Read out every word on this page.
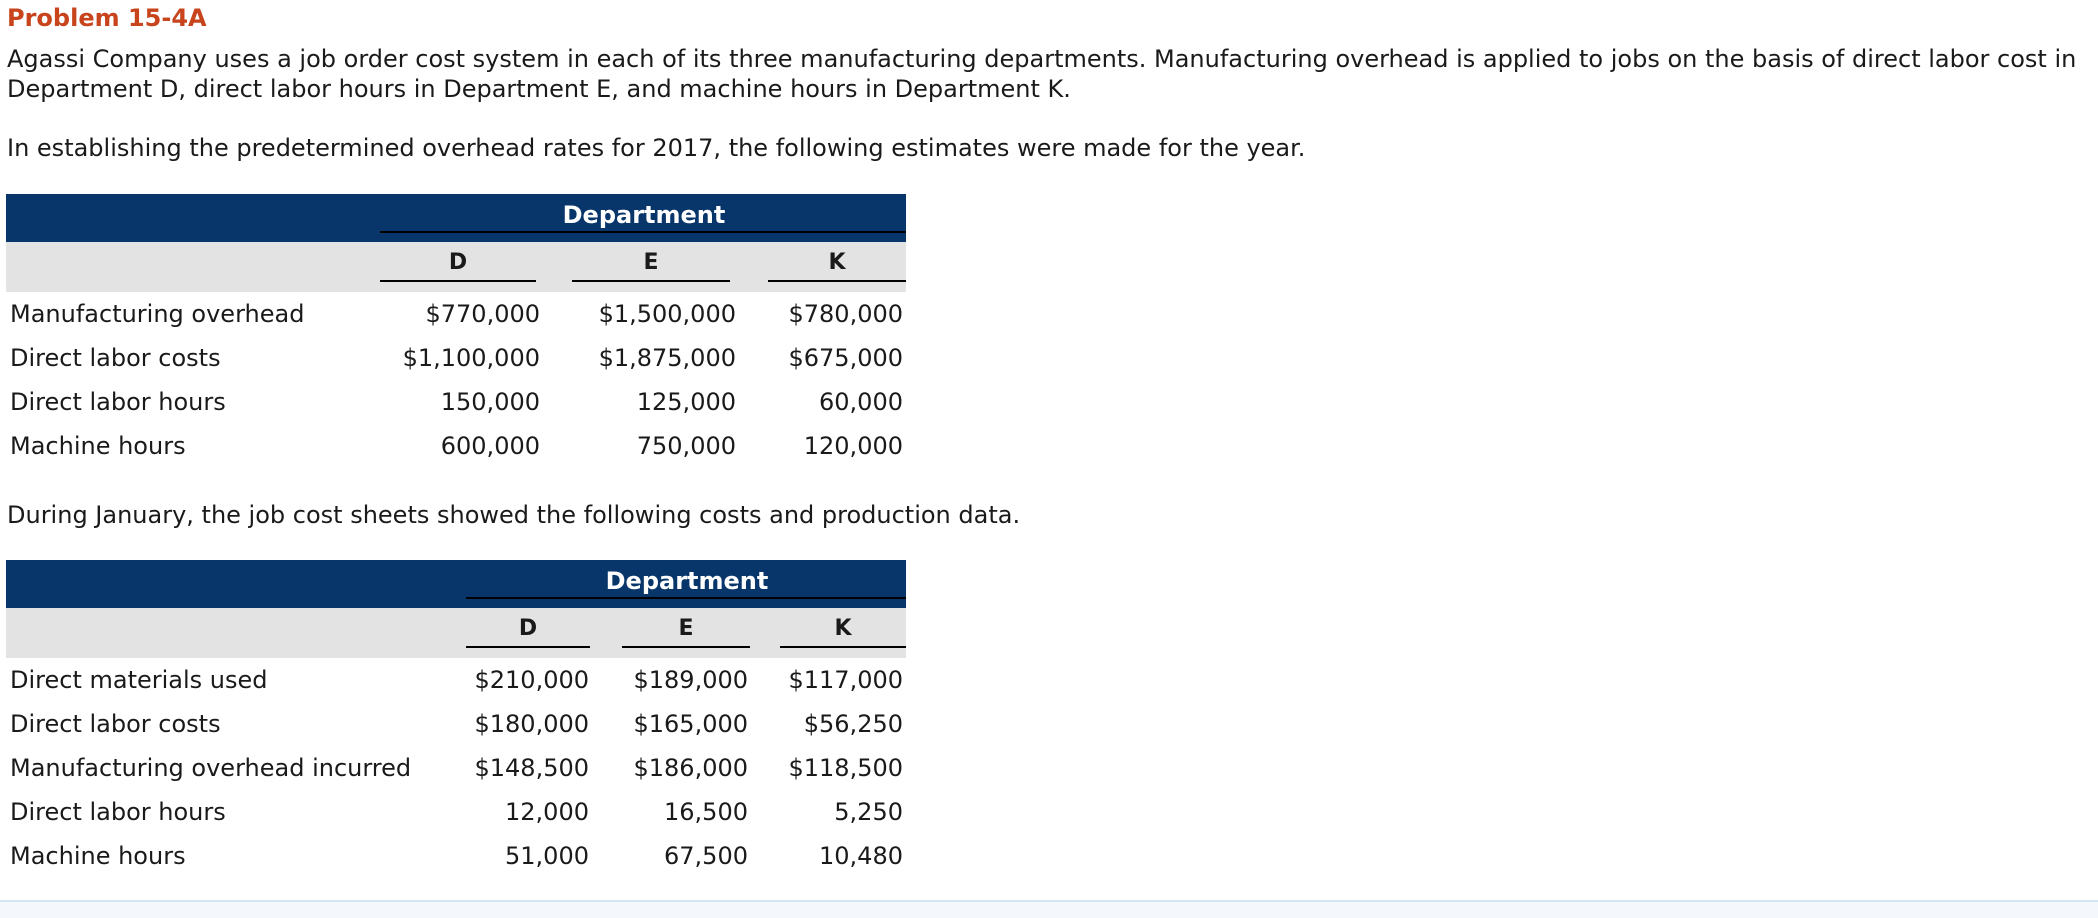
Problem 15-4A
Agassi Company uses a job order cost system in each of its three manufacturing departments. Manufacturing overhead is applied to jobs on the basis of direct labor cost in
Department D, direct labor hours in Department E, and machine hours in Department K.
In establishing the predetermined overhead rates for 2017, the following estimates were made for the year.
Department
D	E	K
Manufacturing overhead	$770,000 $1,500,000 $780,000
Direct labor costs	$1,100,000 $1,875,000 $675,000
Direct labor hours	150,000	125,000	60,000
Machine hours	600,000	750,000	120,000
During January, the job cost sheets showed the following costs and production data.
Department
D	E	K
Direct materials used	$210,000 $189,000 $117,000
Direct labor costs	$180,000 $165,000 $56,250
Manufacturing overhead incurred	$148,500 $186,000 $118,500
Direct labor hours	12,000	16,500	5,250
Machine hours	51,000	67,500	10,480
